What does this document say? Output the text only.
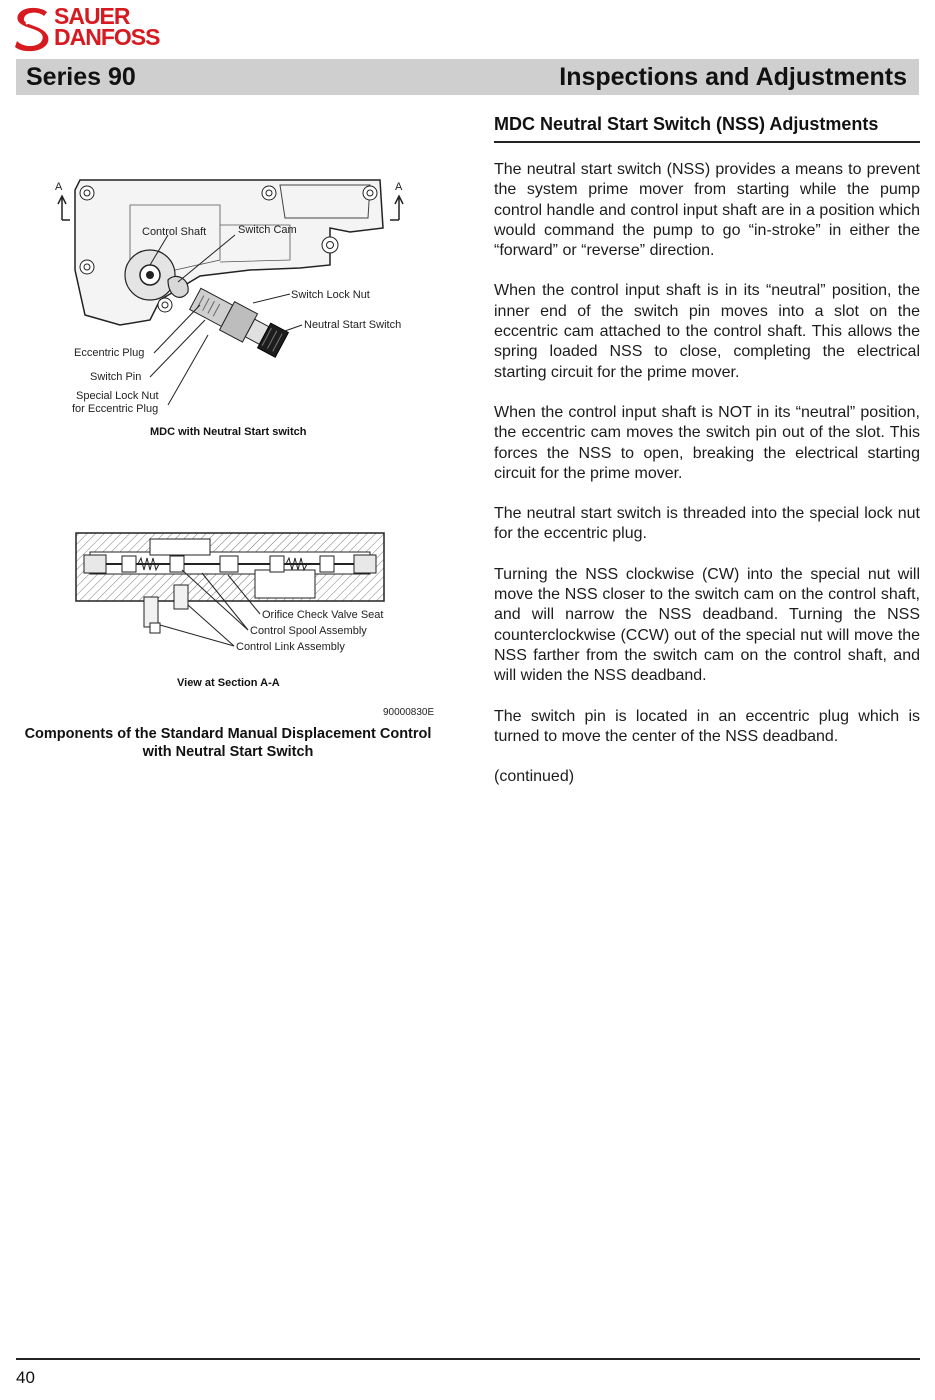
SAUER
DANFOSS
Series 90	Inspections and Adjustments
MDC Neutral Start Switch (NSS) Adjustments

The neutral start switch (NSS) provides a means to prevent the system prime mover from starting while the pump control handle and control input shaft are in a position which would command the pump to go “in-stroke” in either the “forward” or “reverse” direction.

When the control input shaft is in its “neutral” position, the inner end of the switch pin moves into a slot on the eccentric cam attached to the control shaft. This allows the spring loaded NSS to close, completing the electrical starting circuit for the prime mover.

When the control input shaft is NOT in its “neutral” position, the eccentric cam moves the switch pin out of the slot. This forces the NSS to open, breaking the electrical starting circuit for the prime mover.

The neutral start switch is threaded into the special lock nut for the eccentric plug.

Turning the NSS clockwise (CW) into the special nut will move the NSS closer to the switch cam on the control shaft, and will narrow the NSS deadband. Turning the NSS counterclockwise (CCW) out of the special nut will move the NSS farther from the switch cam on the control shaft, and will widen the NSS deadband.

The switch pin is located in an eccentric plug which is turned to move the center of the NSS deadband.

(continued)

A	A
Control Shaft	Switch Cam
Switch Lock Nut
Neutral Start Switch
Eccentric Plug
Switch Pin
Special Lock Nut
for Eccentric Plug
MDC with Neutral Start switch
Orifice Check Valve Seat
Control Spool Assembly
Control Link Assembly
View at Section A-A
90000830E
Components of the Standard Manual Displacement Control
with Neutral Start Switch
40
